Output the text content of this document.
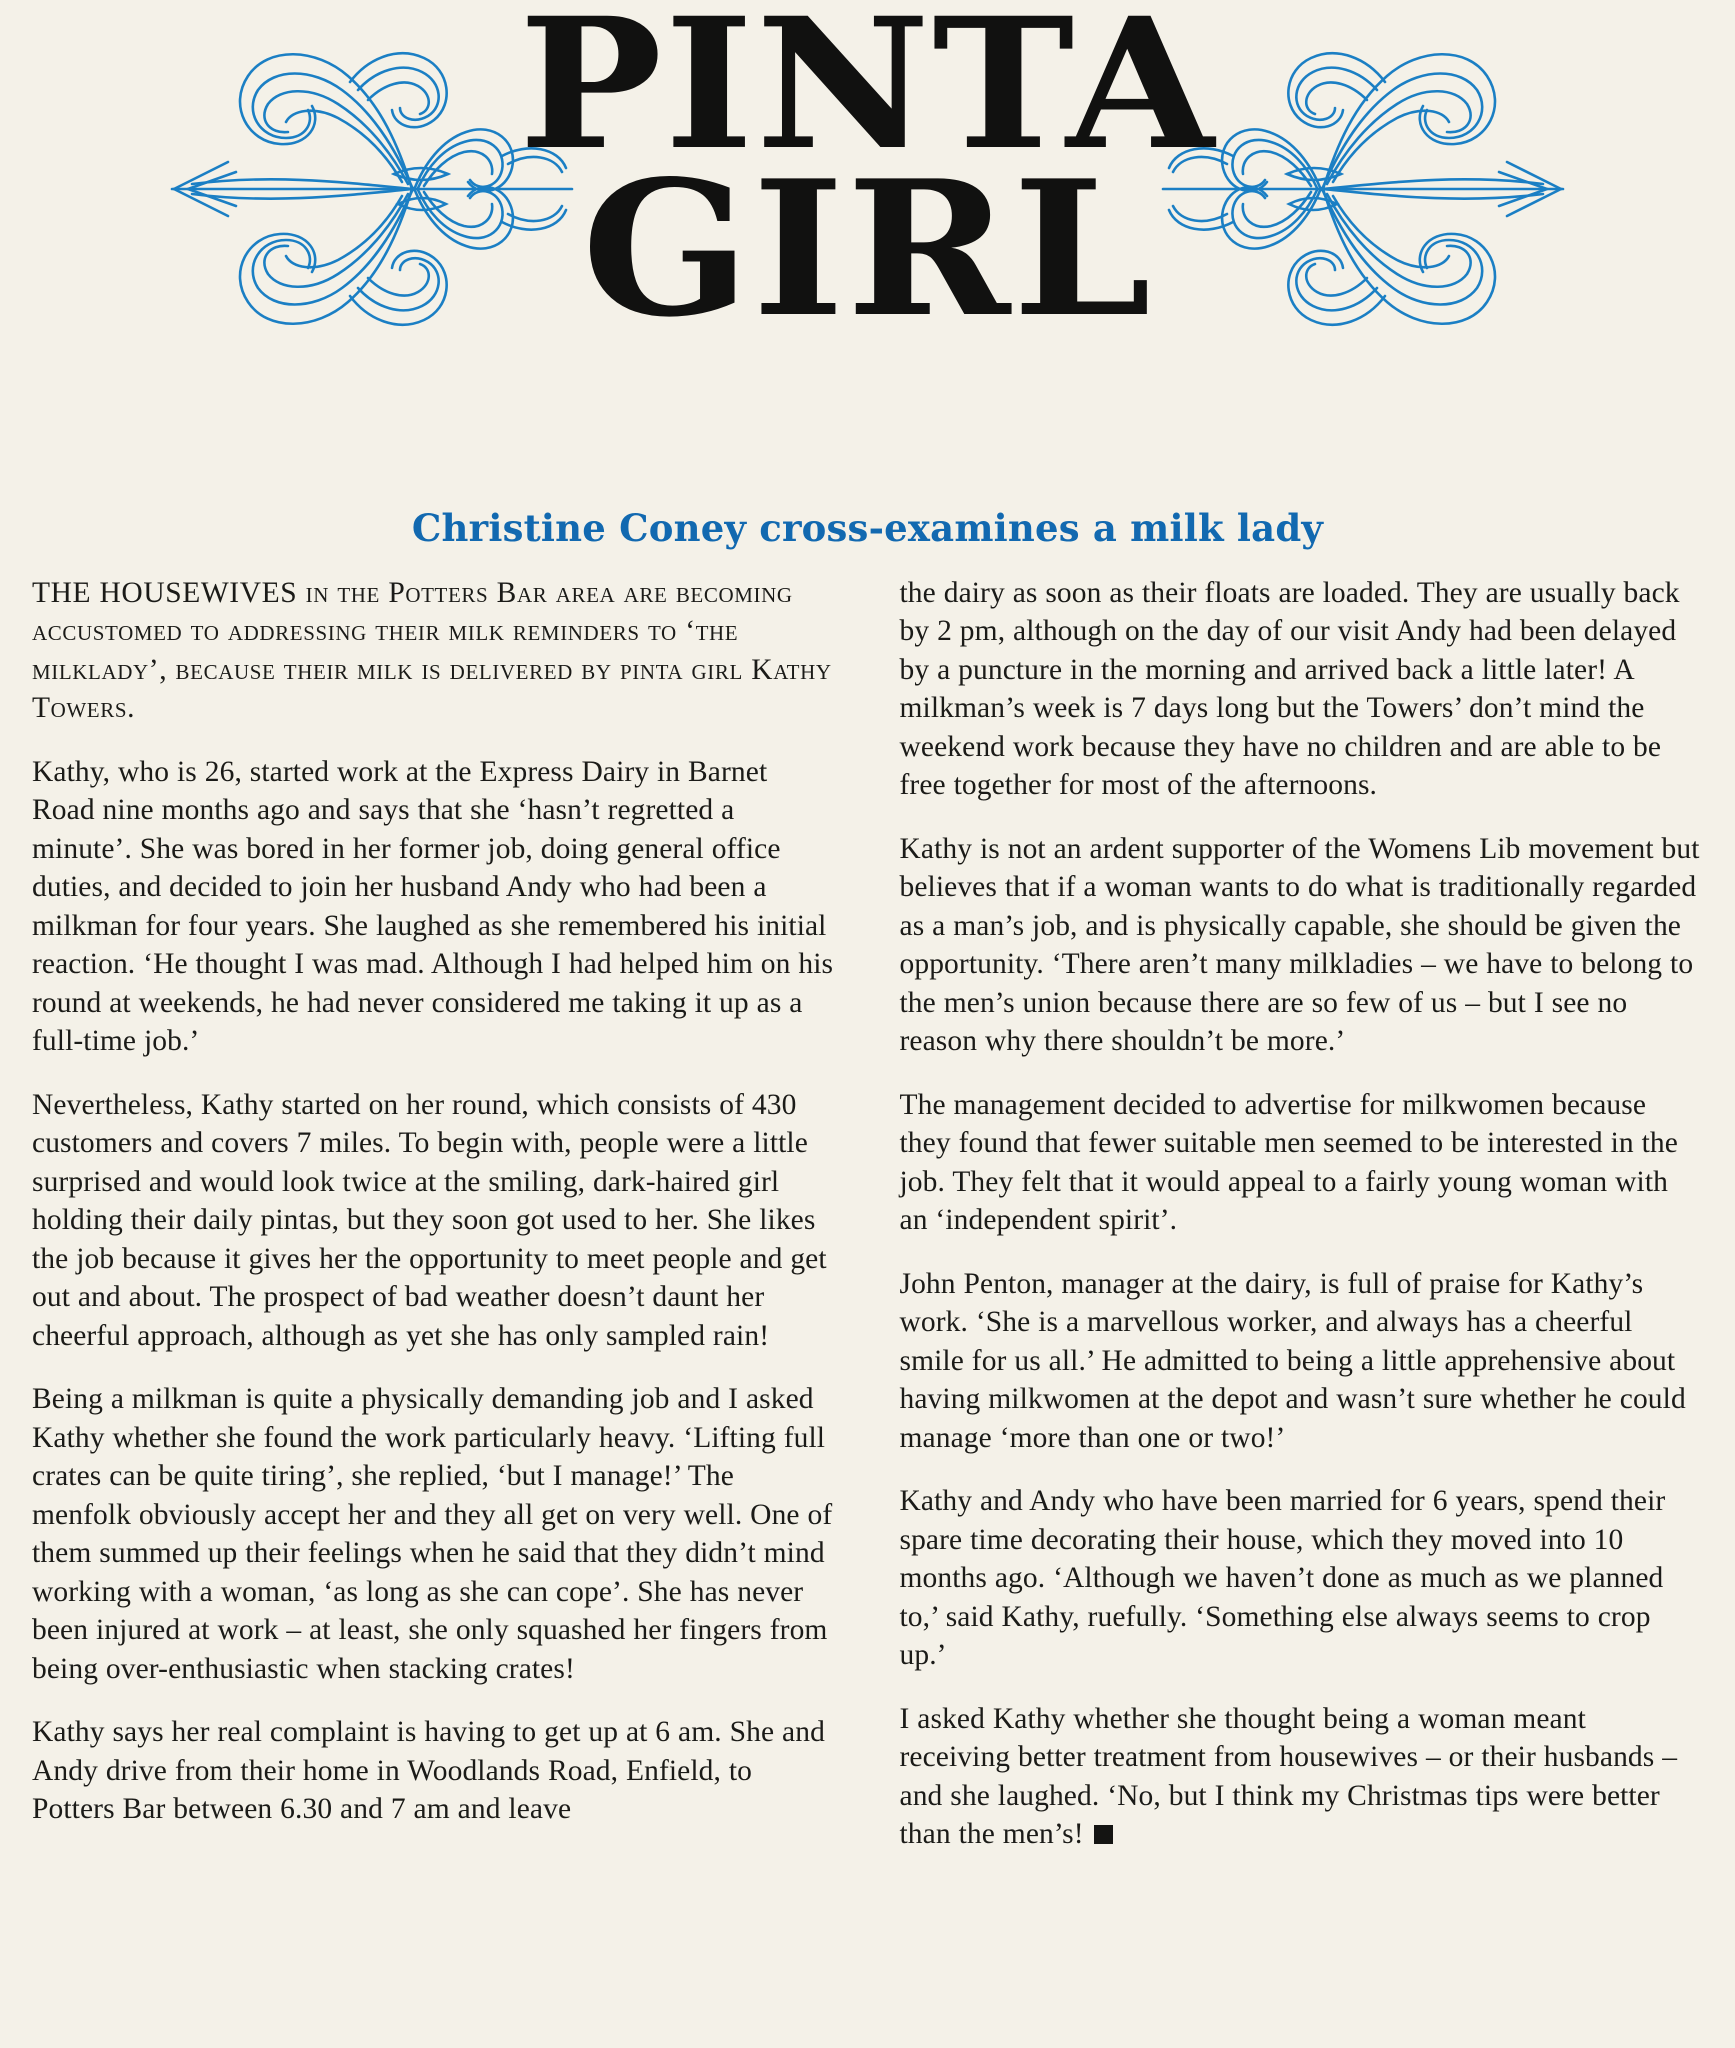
PINTA
GIRL
Christine Coney cross-examines a milk lady

THE HOUSEWIVES in the Potters Bar area are becoming accustomed to addressing their milk reminders to ‘the milklady’, because their milk is delivered by pinta girl Kathy Towers.

Kathy, who is 26, started work at the Express Dairy in Barnet Road nine months ago and says that she ‘hasn’t regretted a minute’. She was bored in her former job, doing general office duties, and decided to join her husband Andy who had been a milkman for four years. She laughed as she remembered his initial reaction. ‘He thought I was mad. Although I had helped him on his round at weekends, he had never considered me taking it up as a full-time job.’

Nevertheless, Kathy started on her round, which consists of 430 customers and covers 7 miles. To begin with, people were a little surprised and would look twice at the smiling, dark-haired girl holding their daily pintas, but they soon got used to her. She likes the job because it gives her the opportunity to meet people and get out and about. The prospect of bad weather doesn’t daunt her cheerful approach, although as yet she has only sampled rain!

Being a milkman is quite a physically demanding job and I asked Kathy whether she found the work particularly heavy. ‘Lifting full crates can be quite tiring’, she replied, ‘but I manage!’ The menfolk obviously accept her and they all get on very well. One of them summed up their feelings when he said that they didn’t mind working with a woman, ‘as long as she can cope’. She has never been injured at work – at least, she only squashed her fingers from being over-enthusiastic when stacking crates!

Kathy says her real complaint is having to get up at 6 am. She and Andy drive from their home in Woodlands Road, Enfield, to Potters Bar between 6.30 and 7 am and leave

the dairy as soon as their floats are loaded. They are usually back by 2 pm, although on the day of our visit Andy had been delayed by a puncture in the morning and arrived back a little later! A milkman’s week is 7 days long but the Towers’ don’t mind the weekend work because they have no children and are able to be free together for most of the afternoons.

Kathy is not an ardent supporter of the Womens Lib movement but believes that if a woman wants to do what is traditionally regarded as a man’s job, and is physically capable, she should be given the opportunity. ‘There aren’t many milkladies – we have to belong to the men’s union because there are so few of us – but I see no reason why there shouldn’t be more.’

The management decided to advertise for milkwomen because they found that fewer suitable men seemed to be interested in the job. They felt that it would appeal to a fairly young woman with an ‘independent spirit’.

John Penton, manager at the dairy, is full of praise for Kathy’s work. ‘She is a marvellous worker, and always has a cheerful smile for us all.’ He admitted to being a little apprehensive about having milkwomen at the depot and wasn’t sure whether he could manage ‘more than one or two!’

Kathy and Andy who have been married for 6 years, spend their spare time decorating their house, which they moved into 10 months ago. ‘Although we haven’t done as much as we planned to,’ said Kathy, ruefully. ‘Something else always seems to crop up.’

I asked Kathy whether she thought being a woman meant receiving better treatment from housewives – or their husbands – and she laughed. ‘No, but I think my Christmas tips were better than the men’s!
